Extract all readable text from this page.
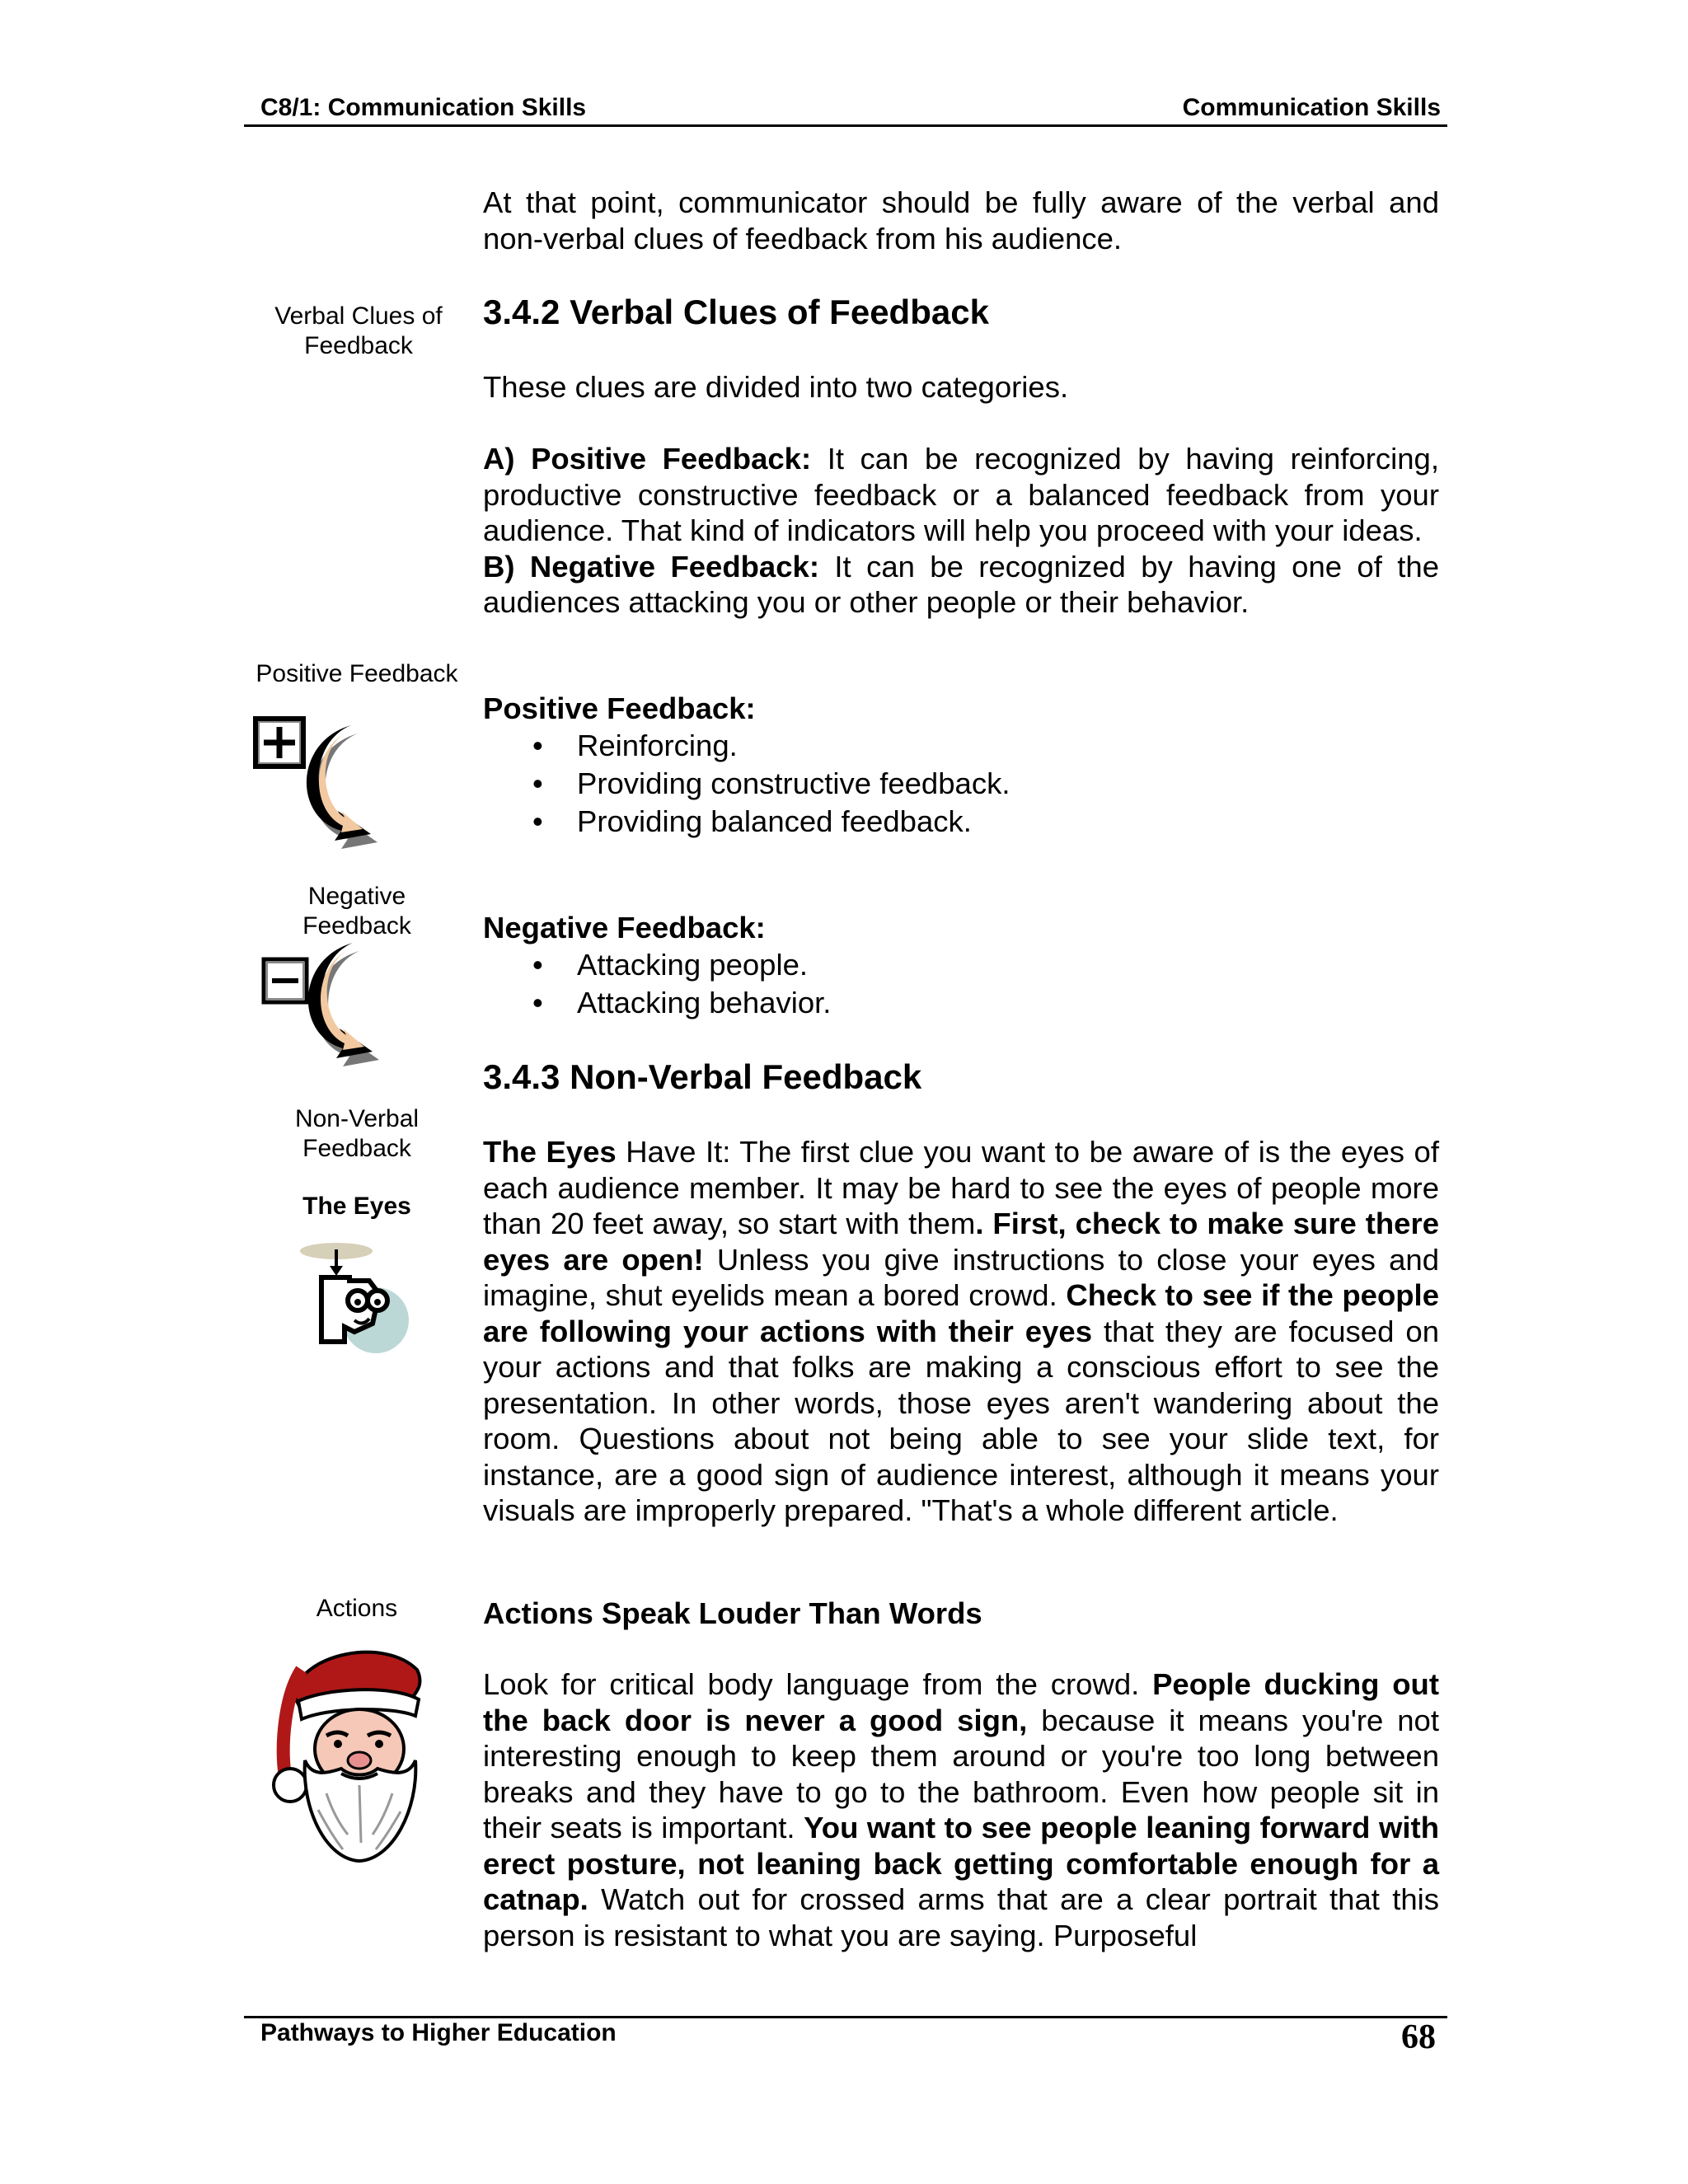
C8/1: Communication Skills	Communication Skills
Verbal Clues of Feedback
Positive Feedback
Negative Feedback
Non-Verbal Feedback
The Eyes
Actions

At that point, communicator should be fully aware of the verbal and non-verbal clues of feedback from his audience.

3.4.2 Verbal Clues of Feedback

These clues are divided into two categories.

A) Positive Feedback: It can be recognized by having reinforcing, productive constructive feedback or a balanced feedback from your audience. That kind of indicators will help you proceed with your ideas.

B) Negative Feedback: It can be recognized by having one of the audiences attacking you or other people or their behavior.

Positive Feedback:
• Reinforcing.
• Providing constructive feedback.
• Providing balanced feedback.
Negative Feedback:
• Attacking people.
• Attacking behavior.
3.4.3 Non-Verbal Feedback

The Eyes Have It: The first clue you want to be aware of is the eyes of each audience member. It may be hard to see the eyes of people more than 20 feet away, so start with them. First, check to make sure there eyes are open! Unless you give instructions to close your eyes and imagine, shut eyelids mean a bored crowd. Check to see if the people are following your actions with their eyes that they are focused on your actions and that folks are making a conscious effort to see the presentation. In other words, those eyes aren't wandering about the room. Questions about not being able to see your slide text, for instance, are a good sign of audience interest, although it means your visuals are improperly prepared. "That's a whole different article.

Actions Speak Louder Than Words

Look for critical body language from the crowd. People ducking out the back door is never a good sign, because it means you're not interesting enough to keep them around or you're too long between breaks and they have to go to the bathroom. Even how people sit in their seats is important. You want to see people leaning forward with erect posture, not leaning back getting comfortable enough for a catnap. Watch out for crossed arms that are a clear portrait that this person is resistant to what you are saying. Purposeful

Pathways to Higher Education	68
